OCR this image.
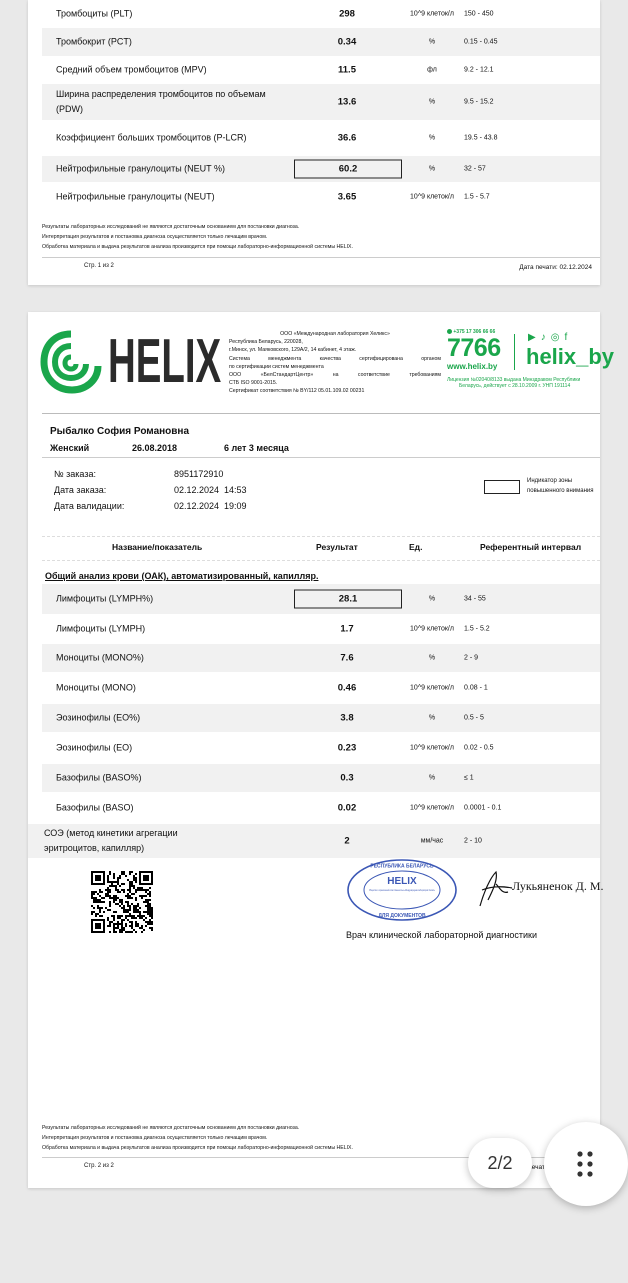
Тромбоциты (PLT)	298	10^9 клеток/л	150 - 450
Тромбокрит (PCT)	0.34	%	0.15 - 0.45
Средний объем тромбоцитов (MPV)	11.5	фл	9.2 - 12.1
Ширина распределения тромбоцитов по объемам (PDW)
13.6	%	9.5 - 15.2
Коэффициент больших тромбоцитов (P-LCR)	36.6	%	19.5 - 43.8
Нейтрофильные гранулоциты (NEUT %)	60.2	%	32 - 57
Нейтрофильные гранулоциты (NEUT)	3.65	10^9 клеток/л	1.5 - 5.7
Результаты лабораторных исследований не являются достаточным основанием для постановки диагноза.
Интерпретация результатов и постановка диагноза осуществляется только лечащим врачом.
Обработка материала и выдача результатов анализа производится при помощи лабораторно-информационной системы HELIX.
Стр. 1 из 2	Дата печати: 02.12.2024
HELIX	ООО «Международная лаборатория Хеликс»
Республика Беларусь, 220028,
г.Минск, ул. Маяковского, 129А/2, 14 кабинет, 4 этаж.
Система менеджмента качества сертифицирована органом
по сертификации систем менеджмента
ООО «БелСтандартЦентр» на соответствие требованиям
СТБ ISO 9001-2015.
Сертификат соответствия № BY/112 05.01.109.02 00231
+375 17 306 66 66
7766
www.helix.by
▶♪◎f
helix_by
Лицензия №02040/8133 выдана Минздравом Республики
Беларусь, действует с 28.10.2009 г. УНП 191114
Рыбалко София Романовна
Женский	26.08.2018	6 лет 3 месяца
№ заказа:	8951172910
Дата заказа:	02.12.2024  14:53
Дата валидации:	02.12.2024  19:09
Индикатор зоны
повышенного внимания
Название/показатель	Результат	Ед.	Референтный интервал
Общий анализ крови (ОАК), автоматизированный, капилляр.
Лимфоциты (LYMPH%)	28.1	%	34 - 55
Лимфоциты (LYMPH)	1.7	10^9 клеток/л	1.5 - 5.2
Моноциты (MONO%)	7.6	%	2 - 9
Моноциты (MONO)	0.46	10^9 клеток/л	0.08 - 1
Эозинофилы (EO%)	3.8	%	0.5 - 5
Эозинофилы (EO)	0.23	10^9 клеток/л	0.02 - 0.5
Базофилы (BASO%)	0.3	%	≤ 1
Базофилы (BASO)	0.02	10^9 клеток/л	0.0001 - 0.1
СОЭ (метод кинетики агрегации эритроцитов, капилляр)
2	мм/час	2 - 10
РЕСПУБЛИКА БЕЛАРУСЬ
HELIX
Общество с ограниченной ответственностью «Международная лаборатория Хеликс»
ДЛЯ ДОКУМЕНТОВ
Лукьяненок Д. М.
Врач клинической лабораторной диагностики
Результаты лабораторных исследований не являются достаточным основанием для постановки диагноза.
Интерпретация результатов и постановка диагноза осуществляется только лечащим врачом.
Обработка материала и выдача результатов анализа производится при помощи лабораторно-информационной системы HELIX.
Стр. 2 из 2	печати:
2/2
